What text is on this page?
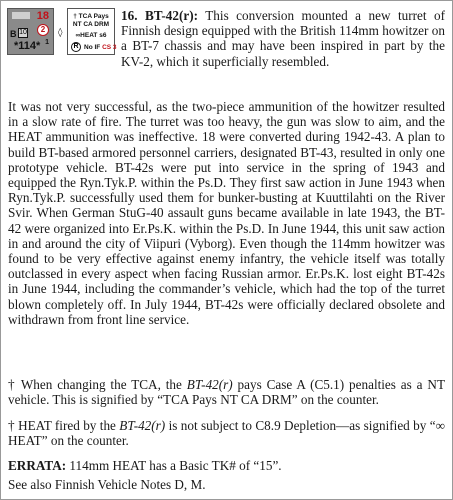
18
2
B 10
1
*114*
◊
† TCA Pays
NT CA DRM
∞HEAT s6
R No IF CS 3
16. BT-42(r): This conversion mounted a new turret of Finnish design equipped with the British 114mm howitzer on a BT-7 chassis and may have been inspired in part by the KV-2, which it superficially resembled.
It was not very successful, as the two-piece ammunition of the howitzer resulted in a slow rate of fire. The turret was too heavy, the gun was slow to aim, and the HEAT ammunition was ineffective. 18 were converted during 1942-43. A plan to build BT-based armored personnel carriers, designated BT-43, resulted in only one prototype vehicle. BT-42s were put into service in the spring of 1943 and equipped the Ryn.Tyk.P. within the Ps.D. They first saw action in June 1943 when Ryn.Tyk.P. successfully used them for bunker-busting at Kuuttilahti on the River Svir. When German StuG-40 assault guns became available in late 1943, the BT-42 were organized into Er.Ps.K. within the Ps.D. In June 1944, this unit saw action in and around the city of Viipuri (Vyborg). Even though the 114mm howitzer was found to be very effective against enemy infantry, the vehicle itself was totally outclassed in every aspect when facing Russian armor. Er.Ps.K. lost eight BT-42s in June 1944, including the commander’s vehicle, which had the top of the turret blown completely off. In July 1944, BT-42s were officially declared obsolete and withdrawn from front line service.
† When changing the TCA, the BT-42(r) pays Case A (C5.1) penalties as a NT vehicle. This is signified by “TCA Pays NT CA DRM” on the counter.
† HEAT fired by the BT-42(r) is not subject to C8.9 Depletion—as signified by “∞ HEAT” on the counter.
ERRATA: 114mm HEAT has a Basic TK# of “15”.
See also Finnish Vehicle Notes D, M.
